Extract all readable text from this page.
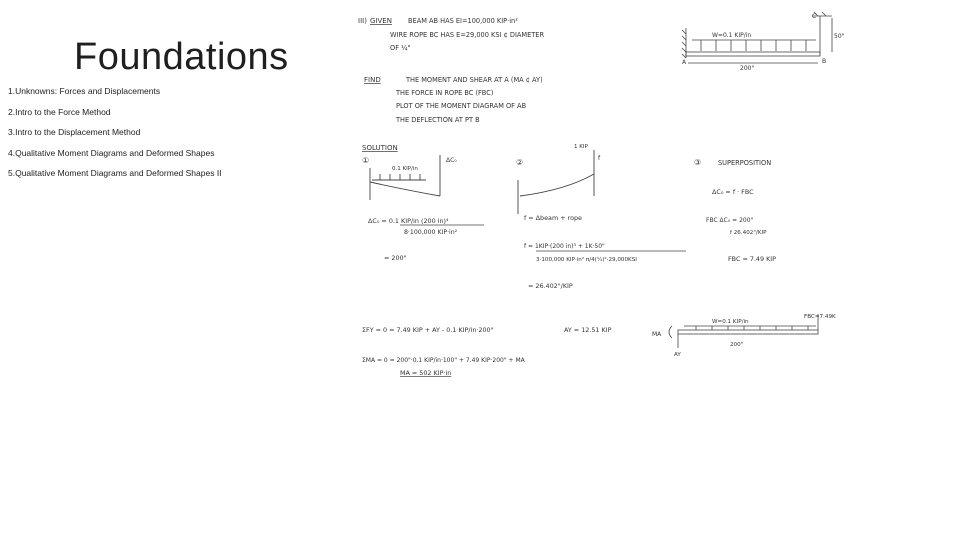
Foundations
1.Unknowns: Forces and Displacements
2.Intro to the Force Method
3.Intro to the Displacement Method
4.Qualitative Moment Diagrams and Deformed Shapes
5.Qualitative Moment Diagrams and Deformed Shapes II
III) GIVEN BEAM AB HAS EI=100,000 KIP·in²
WIRE ROPE BC HAS E=29,000 KSI ¢ DIAMETER
OF ¼"
FIND	THE MOMENT AND SHEAR AT A (MA ¢ AY)
THE FORCE IN ROPE BC (FBC)
PLOT OF THE MOMENT DIAGRAM OF AB
THE DEFLECTION AT PT B
W=0.1 KIP/in
200"
50"
A	B
C
SOLUTION
①
0.1 KIP/in
ΔC₀	②
1 KIP
f	③	SUPERPOSITION
ΔC₀ = 0.1 KIP/in (200 in)⁴
8·100,000 KIP·in²
= 200"
f = Δbeam + rope
f = 1KIP·(200 in)³ + 1K·50"
3·100,000 KIP·in² π/4(¼)²·29,000KSI
= 26.402"/KIP
ΔC₀ = f · FBC
FBC ΔC₀ = 200"
f 26.402"/KIP
FBC = 7.49 KIP
W=0.1 KIP/in
FBC=7.49K
MA
AY
200"
ΣFY = 0 = 7.49 KIP + AY - 0.1 KIP/in·200"	AY = 12.51 KIP
ΣMA = 0 = 200"·0.1 KIP/in·100" + 7.49 KIP·200" + MA
MA = 502 KIP·in
